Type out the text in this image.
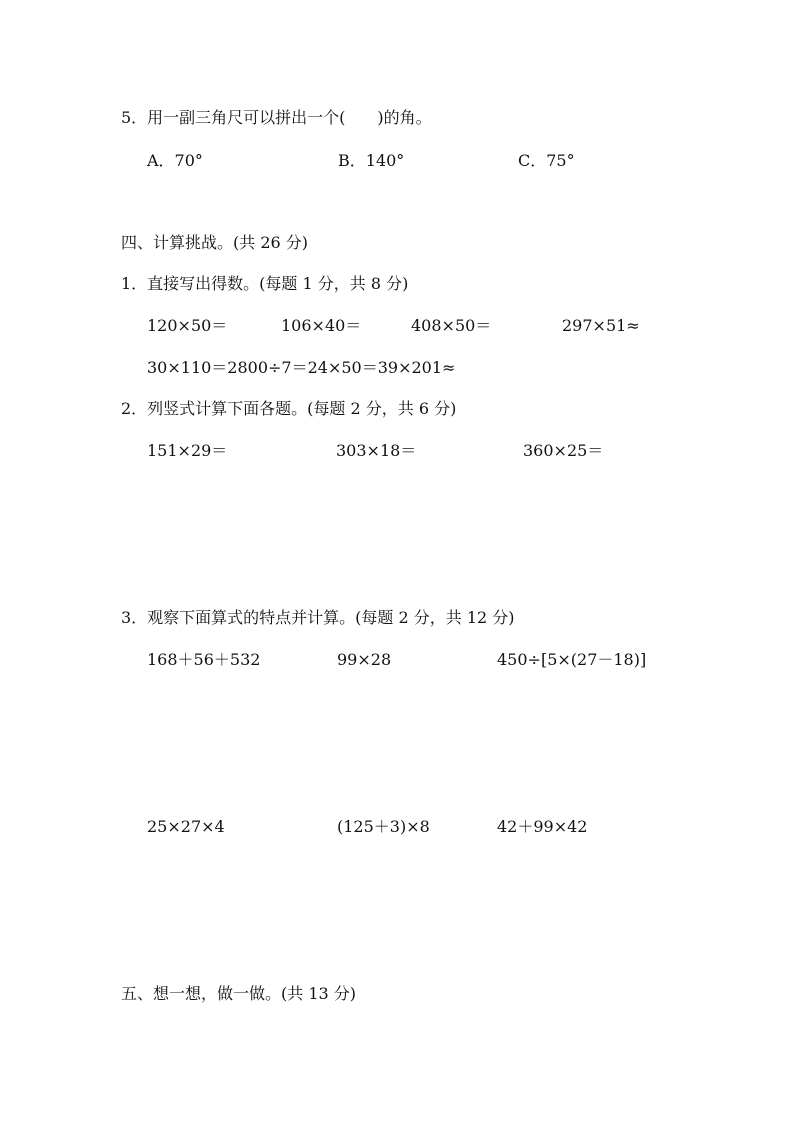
5．用一副三角尺可以拼出一个(　　)的角。
A．70°	B．140°	C．75°
四、计算挑战。(共 26 分)
1．直接写出得数。(每题 1 分，共 8 分)
120×50＝	106×40＝	408×50＝	297×51≈
30×110＝2800÷7＝24×50＝39×201≈
2．列竖式计算下面各题。(每题 2 分，共 6 分)
151×29＝	303×18＝	360×25＝
3．观察下面算式的特点并计算。(每题 2 分，共 12 分)
168＋56＋532	99×28	450÷[5×(27－18)]
25×27×4	(125＋3)×8	42＋99×42
五、想一想，做一做。(共 13 分)
